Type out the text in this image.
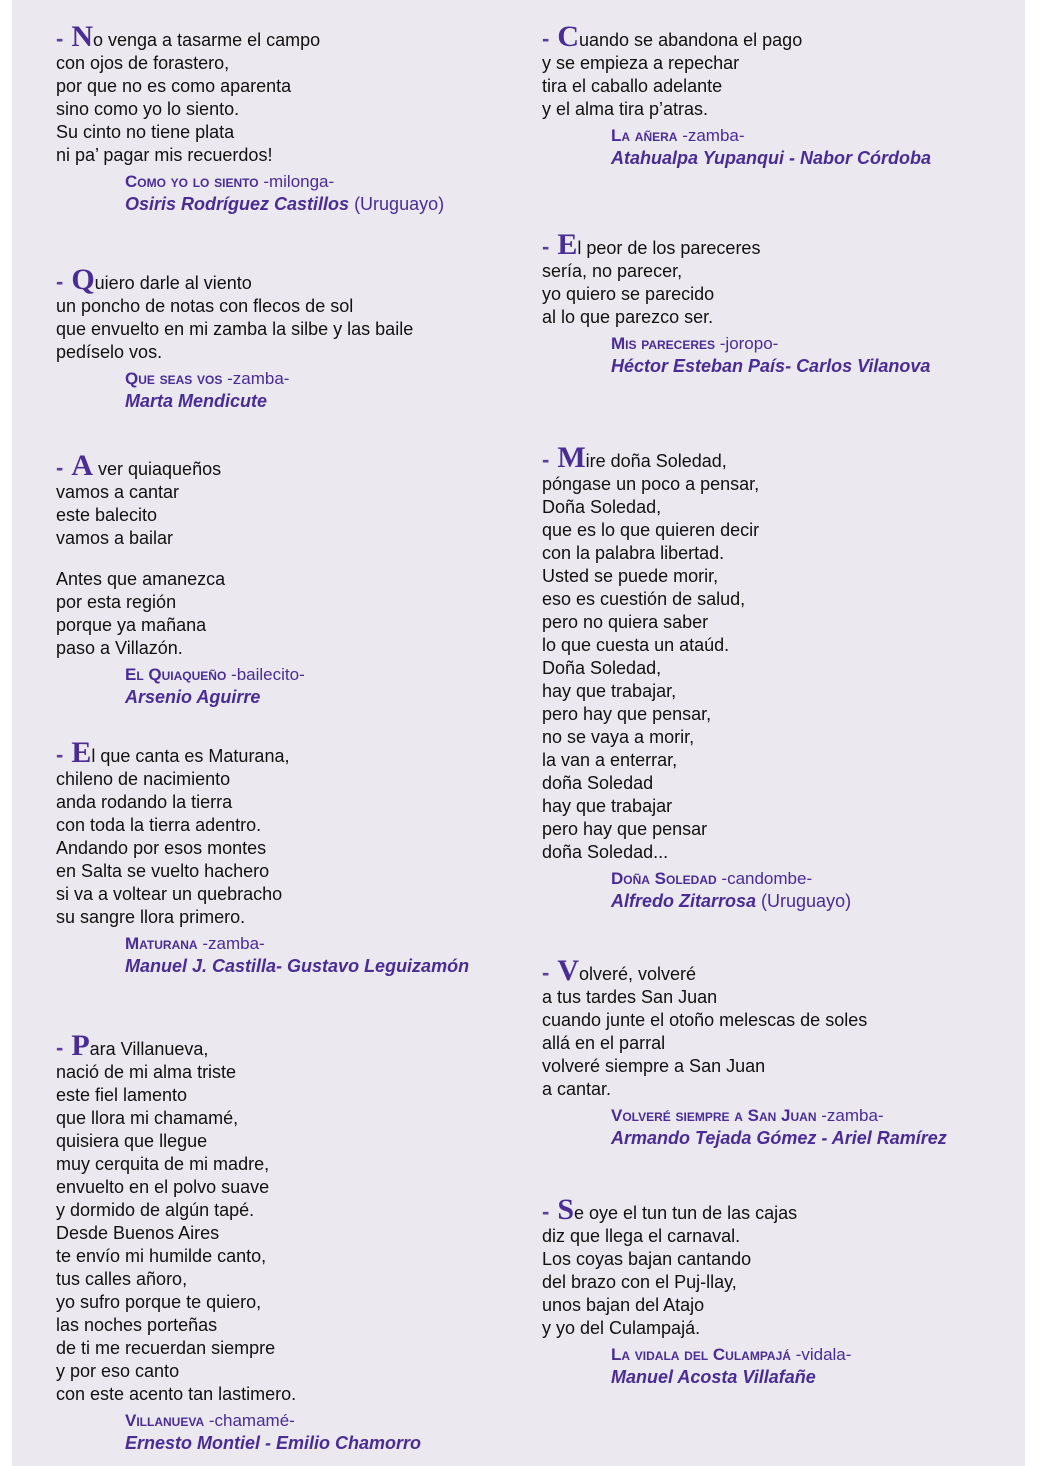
- No venga a tasarme el campo
con ojos de forastero,
por que no es como aparenta
sino como yo lo siento.
Su cinto no tiene plata
ni pa’ pagar mis recuerdos!
Como yo lo siento -milonga-
Osiris Rodríguez Castillos (Uruguayo)
- Quiero darle al viento
un poncho de notas con flecos de sol
que envuelto en mi zamba la silbe y las baile
pedíselo vos.
Que seas vos -zamba-
Marta Mendicute
- A ver quiaqueños
vamos a cantar
este balecito
vamos a bailar
Antes que amanezca
por esta región
porque ya mañana
paso a Villazón.
El Quiaqueño -bailecito-
Arsenio Aguirre
- El que canta es Maturana,
chileno de nacimiento
anda rodando la tierra
con toda la tierra adentro.
Andando por esos montes
en Salta se vuelto hachero
si va a voltear un quebracho
su sangre llora primero.
Maturana -zamba-
Manuel J. Castilla- Gustavo Leguizamón
- Para Villanueva,
nació de mi alma triste
este fiel lamento
que llora mi chamamé,
quisiera que llegue
muy cerquita de mi madre,
envuelto en el polvo suave
y dormido de algún tapé.
Desde Buenos Aires
te envío mi humilde canto,
tus calles añoro,
yo sufro porque te quiero,
las noches porteñas
de ti me recuerdan siempre
y por eso canto
con este acento tan lastimero.
Villanueva -chamamé-
Ernesto Montiel - Emilio Chamorro
- Cuando se abandona el pago
y se empieza a repechar
tira el caballo adelante
y el alma tira p’atras.
La añera -zamba-
Atahualpa Yupanqui - Nabor Córdoba
- El peor de los pareceres
sería, no parecer,
yo quiero se parecido
al lo que parezco ser.
Mis pareceres -joropo-
Héctor Esteban País- Carlos Vilanova
- Mire doña Soledad,
póngase un poco a pensar,
Doña Soledad,
que es lo que quieren decir
con la palabra libertad.
Usted se puede morir,
eso es cuestión de salud,
pero no quiera saber
lo que cuesta un ataúd.
Doña Soledad,
hay que trabajar,
pero hay que pensar,
no se vaya a morir,
la van a enterrar,
doña Soledad
hay que trabajar
pero hay que pensar
doña Soledad...
Doña Soledad -candombe-
Alfredo Zitarrosa (Uruguayo)
- Volveré, volveré
a tus tardes San Juan
cuando junte el otoño melescas de soles
allá en el parral
volveré siempre a San Juan
a cantar.
Volveré siempre a San Juan -zamba-
Armando Tejada Gómez - Ariel Ramírez
- Se oye el tun tun de las cajas
diz que llega el carnaval.
Los coyas bajan cantando
del brazo con el Puj-llay,
unos bajan del Atajo
y yo del Culampajá.
La vidala del Culampajá -vidala-
Manuel Acosta Villafañe
